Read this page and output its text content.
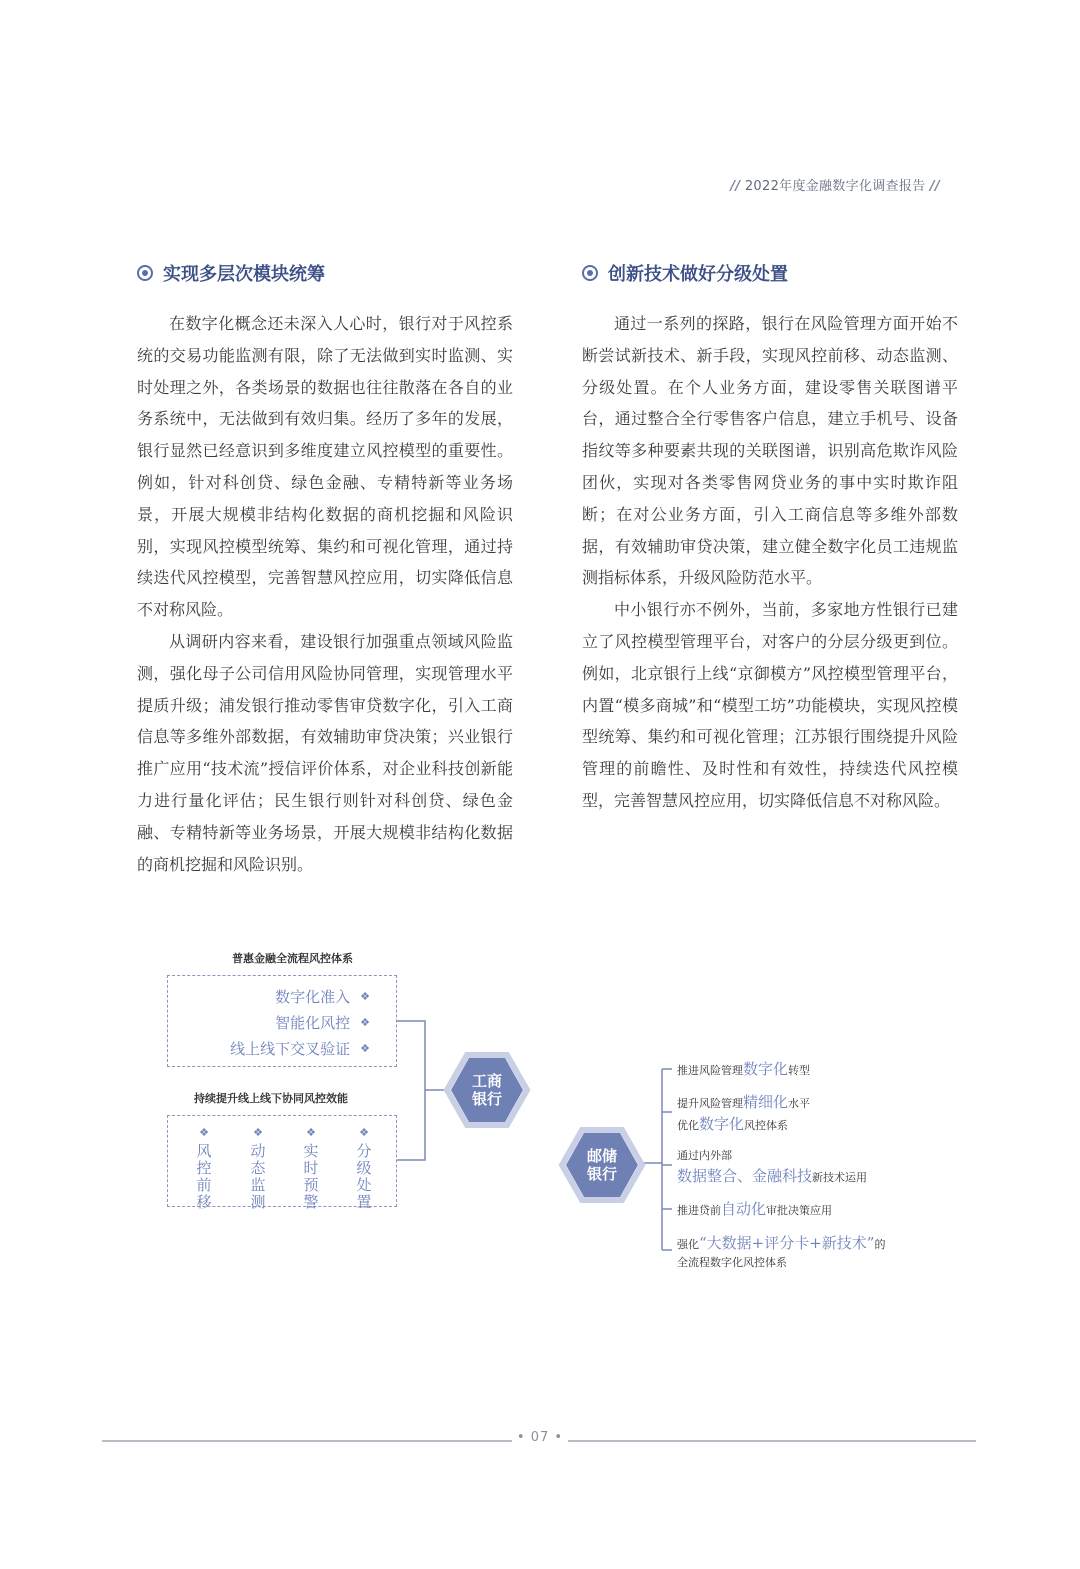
// 2022年度金融数字化调查报告 //
实现多层次模块统筹

在数字化概念还未深入人心时，银行对于风控系统的交易功能监测有限，除了无法做到实时监测、实时处理之外，各类场景的数据也往往散落在各自的业务系统中，无法做到有效归集。经历了多年的发展，银行显然已经意识到多维度建立风控模型的重要性。例如，针对科创贷、绿色金融、专精特新等业务场景，开展大规模非结构化数据的商机挖掘和风险识别，实现风控模型统筹、集约和可视化管理，通过持续迭代风控模型，完善智慧风控应用，切实降低信息不对称风险。

从调研内容来看，建设银行加强重点领域风险监测，强化母子公司信用风险协同管理，实现管理水平提质升级；浦发银行推动零售审贷数字化，引入工商信息等多维外部数据，有效辅助审贷决策；兴业银行推广应用“技术流”授信评价体系，对企业科技创新能力进行量化评估；民生银行则针对科创贷、绿色金融、专精特新等业务场景，开展大规模非结构化数据的商机挖掘和风险识别。

创新技术做好分级处置

通过一系列的探路，银行在风险管理方面开始不断尝试新技术、新手段，实现风控前移、动态监测、分级处置。在个人业务方面，建设零售关联图谱平台，通过整合全行零售客户信息，建立手机号、设备指纹等多种要素共现的关联图谱，识别高危欺诈风险团伙，实现对各类零售网贷业务的事中实时欺诈阻断；在对公业务方面，引入工商信息等多维外部数据，有效辅助审贷决策，建立健全数字化员工违规监测指标体系，升级风险防范水平。

中小银行亦不例外，当前，多家地方性银行已建立了风控模型管理平台，对客户的分层分级更到位。例如，北京银行上线“京御模方”风控模型管理平台，内置“模多商城”和“模型工坊”功能模块，实现风控模型统筹、集约和可视化管理；江苏银行围绕提升风险管理的前瞻性、及时性和有效性，持续迭代风控模型，完善智慧风控应用，切实降低信息不对称风险。

工商
银行
邮储
银行
普惠金融全流程风控体系
数字化准入 ❖
智能化风控 ❖
线上线下交叉验证 ❖
持续提升线上线下协同风控效能
❖
风控前移
❖
动态监测
❖
实时预警
❖
分级处置
推进风险管理数字化转型
提升风险管理精细化水平
优化数字化风控体系
通过内外部
数据整合、金融科技新技术运用
推进贷前自动化审批决策应用
强化“大数据+评分卡+新技术”的
全流程数字化风控体系
• 07 •
